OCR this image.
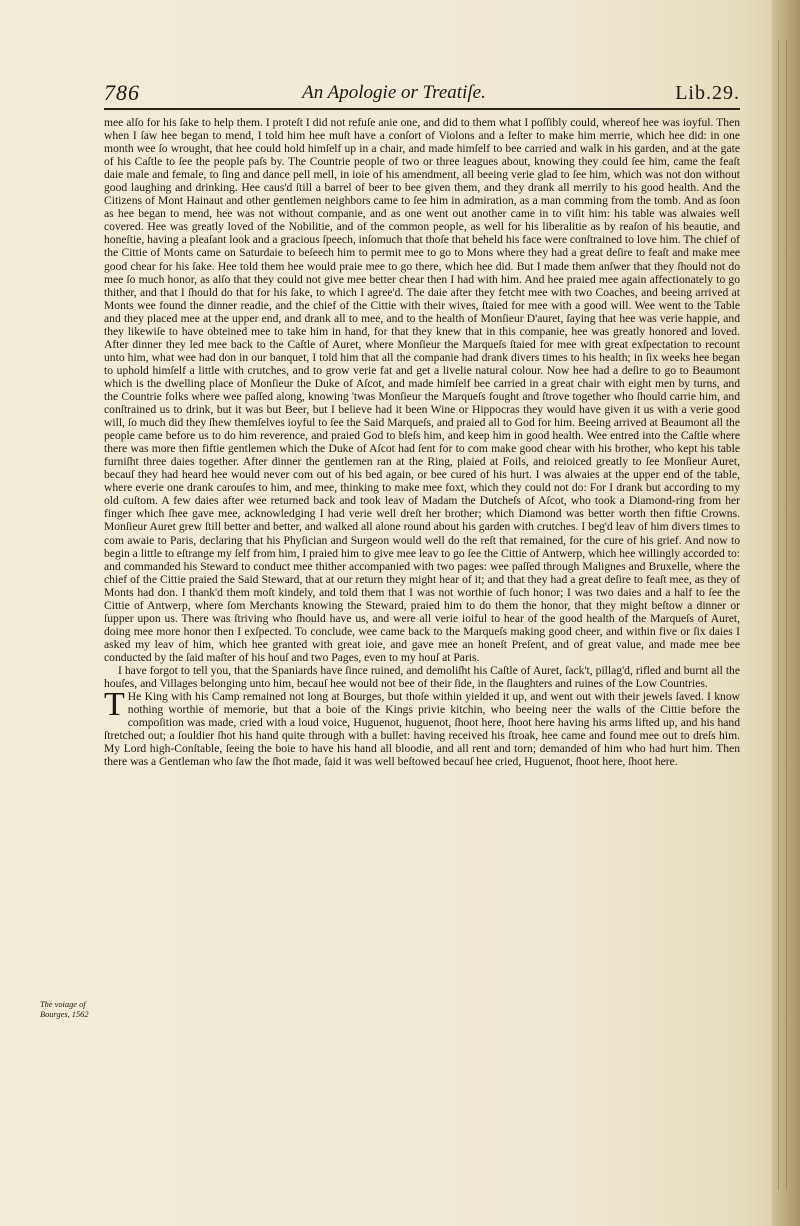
786	An Apologie or Treatiſe.	Lib.29.
The voiage of Bourges, 1562

mee alſo for his ſake to help them. I proteſt I did not refuſe anie one, and did to them what I poſſibly could, whereof hee was ioyful. Then when I ſaw hee began to mend, I told him hee muſt have a conſort of Violons and a Ieſter to make him merrie, which hee did: in one month wee ſo wrought, that hee could hold himſelf up in a chair, and made himſelf to bee carried and walk in his garden, and at the gate of his Caſtle to ſee the people paſs by. The Countrie people of two or three leagues about, knowing they could ſee him, came the feaſt daie male and female, to ſing and dance pell mell, in ioie of his amendment, all beeing verie glad to ſee him, which was not don without good laughing and drinking. Hee caus'd ſtill a barrel of beer to bee given them, and they drank all merrily to his good health. And the Citizens of Mont Hainaut and other gentlemen neighbors came to ſee him in admiration, as a man comming from the tomb. And as ſoon as hee began to mend, hee was not without companie, and as one went out another came in to viſit him: his table was alwaies well covered. Hee was greatly loved of the Nobilitie, and of the common people, as well for his liberalitie as by reaſon of his beautie, and honeſtie, having a pleaſant look and a gracious ſpeech, inſomuch that thoſe that beheld his face were conſtrained to love him. The chief of the Cittie of Monts came on Saturdaie to beſeech him to permit mee to go to Mons where they had a great deſire to feaſt and make mee good chear for his ſake. Hee told them hee would praie mee to go there, which hee did. But I made them anſwer that they ſhould not do mee ſo much honor, as alſo that they could not give mee better chear then I had with him. And hee praied mee again affectionately to go thither, and that I ſhould do that for his ſake, to which I agree'd. The daie after they fetcht mee with two Coaches, and beeing arrived at Monts wee found the dinner readie, and the chief of the Cittie with their wives, ſtaied for mee with a good will. Wee went to the Table and they placed mee at the upper end, and drank all to mee, and to the health of Monſieur D'auret, ſaying that hee was verie happie, and they likewiſe to have obteined mee to take him in hand, for that they knew that in this companie, hee was greatly honored and loved. After dinner they led mee back to the Caſtle of Auret, where Monſieur the Marqueſs ſtaied for mee with great exſpectation to recount unto him, what wee had don in our banquet, I told him that all the companie had drank divers times to his health; in ſix weeks hee began to uphold himſelf a little with crutches, and to grow verie fat and get a livelie natural colour. Now hee had a deſire to go to Beaumont which is the dwelling place of Monſieur the Duke of Aſcot, and made himſelf bee carried in a great chair with eight men by turns, and the Countrie folks where wee paſſed along, knowing 'twas Monſieur the Marqueſs fought and ſtrove together who ſhould carrie him, and conſtrained us to drink, but it was but Beer, but I believe had it been Wine or Hippocras they would have given it us with a verie good will, ſo much did they ſhew themſelves ioyful to ſee the Said Marqueſs, and praied all to God for him. Beeing arrived at Beaumont all the people came before us to do him reverence, and praied God to bleſs him, and keep him in good health. Wee entred into the Caſtle where there was more then fiftie gentlemen which the Duke of Aſcot had ſent for to com make good chear with his brother, who kept his table furniſht three daies together. After dinner the gentlemen ran at the Ring, plaied at Foils, and reioiced greatly to ſee Monſieur Auret, becauſ they had heard hee would never com out of his bed again, or bee cured of his hurt. I was alwaies at the upper end of the table, where everie one drank carouſes to him, and mee, thinking to make mee foxt, which they could not do: For I drank but according to my old cuſtom. A few daies after wee returned back and took leav of Madam the Dutcheſs of Aſcot, who took a Diamond-ring from her finger which ſhee gave mee, acknowledging I had verie well dreſt her brother; which Diamond was better worth then fiftie Crowns. Monſieur Auret grew ſtill better and better, and walked all alone round about his garden with crutches. I beg'd leav of him divers times to com awaie to Paris, declaring that his Phyſician and Surgeon would well do the reſt that remained, for the cure of his grief. And now to begin a little to eſtrange my ſelf from him, I praied him to give mee leav to go ſee the Cittie of Antwerp, which hee willingly accorded to: and commanded his Steward to conduct mee thither accompanied with two pages: wee paſſed through Malignes and Bruxelle, where the chief of the Cittie praied the Said Steward, that at our return they might hear of it; and that they had a great deſire to feaſt mee, as they of Monts had don. I thank'd them moſt kindely, and told them that I was not worthie of ſuch honor; I was two daies and a half to ſee the Cittie of Antwerp, where ſom Merchants knowing the Steward, praied him to do them the honor, that they might beſtow a dinner or ſupper upon us. There was ſtriving who ſhould have us, and were all verie ioiful to hear of the good health of the Marqueſs of Auret, doing mee more honor then I exſpected. To conclude, wee came back to the Marqueſs making good cheer, and within five or ſix daies I asked my leav of him, which hee granted with great ioie, and gave mee an honeſt Preſent, and of great value, and made mee bee conducted by the ſaid maſter of his houſ and two Pages, even to my houſ at Paris.

I have forgot to tell you, that the Spaniards have ſince ruined, and demoliſht his Caſtle of Auret, ſack't, pillag'd, rifled and burnt all the houſes, and Villages belonging unto him, becauſ hee would not bee of their ſide, in the ſlaughters and ruines of the Low Countries.

T He King with his Camp remained not long at Bourges, but thoſe within yielded it up, and went out with their jewels ſaved. I know nothing worthie of memorie, but that a boie of the Kings privie kitchin, who beeing neer the walls of the Cittie before the compoſition was made, cried with a loud voice, Huguenot, huguenot, ſhoot here, ſhoot here having his arms lifted up, and his hand ſtretched out; a ſouldier ſhot his hand quite through with a bullet: having received his ſtroak, hee came and found mee out to dreſs him. My Lord high-Conſtable, ſeeing the boie to have his hand all bloodie, and all rent and torn; demanded of him who had hurt him. Then there was a Gentleman who ſaw the ſhot made, ſaid it was well beſtowed becauſ hee cried, Huguenot, ſhoot here, ſhoot here.
